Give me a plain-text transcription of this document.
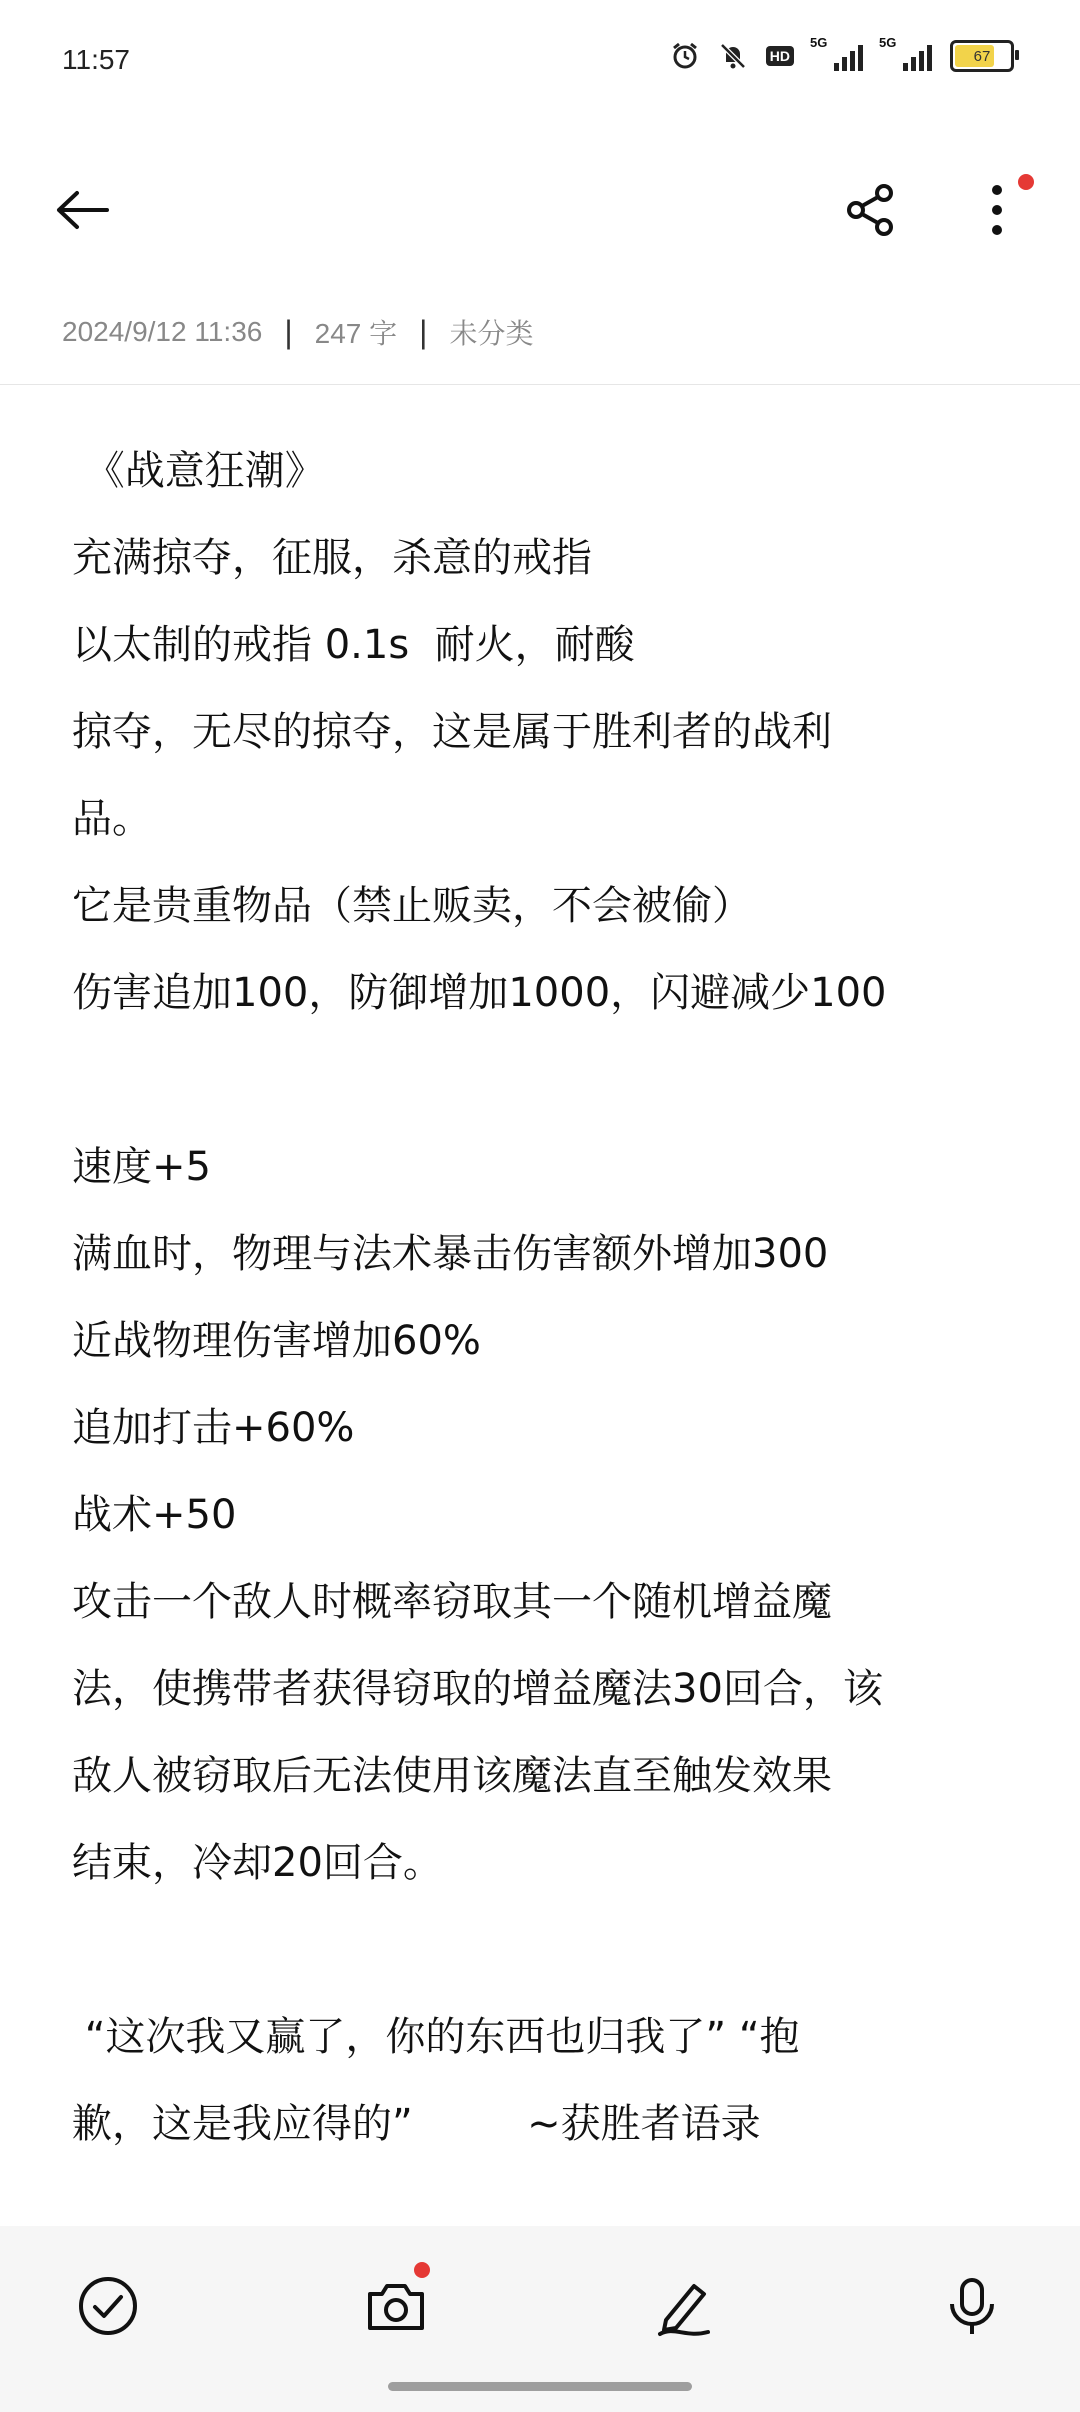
11:57	HD
5G	5G
67
2024/9/12 11:36 | 247 字 | 未分类
《战意狂潮》
充满掠夺，征服，杀意的戒指
以太制的戒指 0.1s  耐火，耐酸
掠夺，无尽的掠夺，这是属于胜利者的战利
品。
它是贵重物品（禁止贩卖，不会被偷）
伤害追加100，防御增加1000，闪避减少100
速度+5
满血时，物理与法术暴击伤害额外增加300
近战物理伤害增加60%
追加打击+60%
战术+50
攻击一个敌人时概率窃取其一个随机增益魔
法，使携带者获得窃取的增益魔法30回合，该
敌人被窃取后无法使用该魔法直至触发效果
结束，冷却20回合。
“这次我又赢了，你的东西也归我了” “抱
歉，这是我应得的”         ~获胜者语录
